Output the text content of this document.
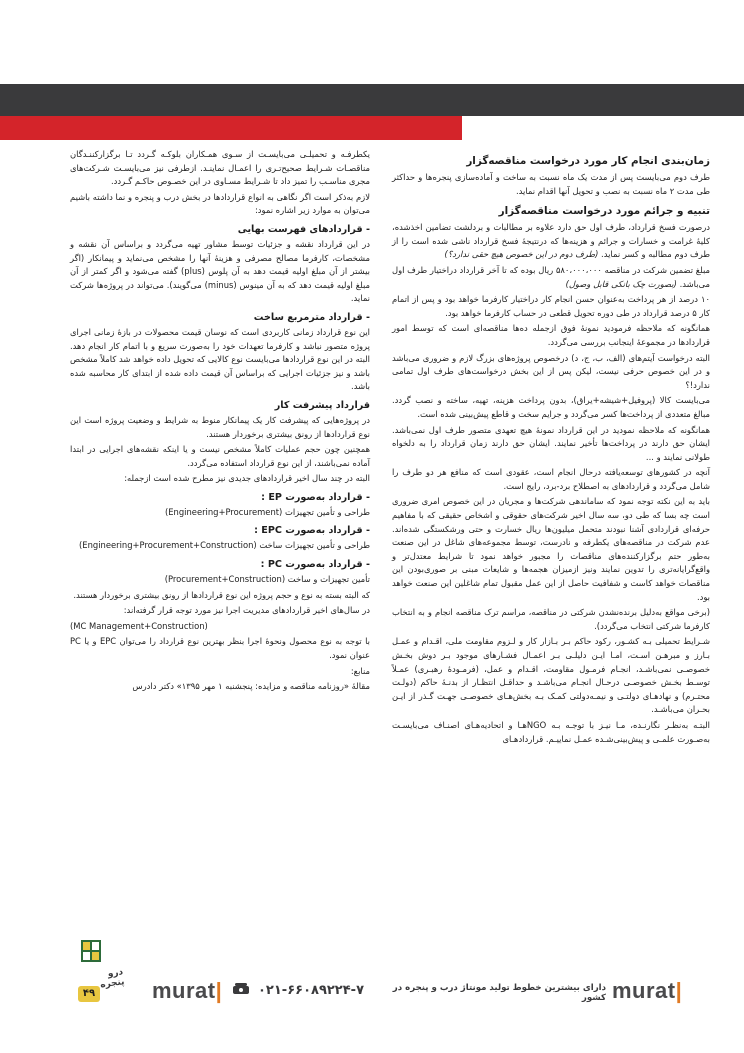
زمان‌بندی انجام کار مورد درخواست مناقصه‌گزار

طرف دوم می‌بایست پس از مدت یک ماه نسبت به ساخت و آماده‌سازی پنجره‌ها و حداکثر طی مدت ۲ ماه نسبت به نصب و تحویل آنها اقدام نماید.

تنبیه و جرائم مورد درخواست مناقصه‌گزار

درصورت فسخ قرارداد، طرف اول حق دارد علاوه بر مطالبات و بردلشت تضامین اخذشده، کلیهٔ غرامت و خسارات و جرائم و هزینه‌ها که درنتیجهٔ فسخ قرارداد ناشی شده است را از طرف دوم مطالبه و کسر نماید. (طرف دوم در این خصوص هیچ حقی ندارد؟)

مبلغ تضمین شرکت در مناقصه ۵۸۰،۰۰۰،۰۰۰ ریال بوده که تا آخر قرارداد دراختیار طرف اول می‌باشد. (بصورت چک بانکی قابل وصول)

۱۰ درصد از هر پرداخت به‌عنوان حسن انجام کار دراختیار کارفرما خواهد بود و پس از اتمام کار ۵ درصد قرارداد در طی دوره تحویل قطعی در حساب کارفرما خواهد بود.

همانگونه که ملاحظه فرمودید نمونهٔ فوق ازجمله ده‌ها مناقصه‌ای است که توسط امور قراردادها در مجموعهٔ اینجانب بررسی می‌گردد.

البته درخواست آیتم‌های (الف، ب، ج، د) درخصوص پروژه‌های بزرگ لازم و ضروری می‌باشد و در این خصوص حرفی نیست، لیکن پس از این بخش درخواست‌های طرف اول تمامی ندارد!؟

می‌بایست کالا (پروفیل+شیشه+یراق)، بدون پرداخت هزینه، تهیه، ساخته و نصب گردد. مبالغ متعددی از پرداخت‌ها کسر می‌گردد و جرایم سخت و قاطع پیش‌بینی شده است.

همانگونه که ملاحظه نمودید در این قرارداد نمونهٔ هیچ تعهدی متصور طرف اول نمی‌باشد. ایشان حق دارند در پرداخت‌ها تأخیر نمایند. ایشان حق دارند زمان قرارداد را به دلخواه طولانی نمایند و ...

آنچه در کشورهای توسعه‌یافته درحال انجام است، عقودی است که منافع هر دو طرف را شامل می‌گردد و قراردادهای به اصطلاح برد-برد، رایج است.

باید به این نکته توجه نمود که ساماندهی شرکت‌ها و مجریان در این خصوص امری ضروری است چه بسا که طی دو، سه سال اخیر شرکت‌های حقوقی و اشخاص حقیقی که با مفاهیم حرفه‌ای قراردادی آشنا نبودند متحمل میلیون‌ها ریال خسارت و حتی ورشکستگی شده‌اند. عدم شرکت در مناقصه‌های یکطرفه و نادرست، توسط مجموعه‌های شاغل در این صنعت به‌طور حتم برگزارکننده‌های مناقصات را مجبور خواهد نمود تا شرایط معتدل‌تر و واقع‌گرایانه‌تری را تدوین نمایند ونیز ازمیزان هجمه‌ها و شایعات مبنی بر صوری‌بودن این مناقصات خواهد کاست و شفافیت حاصل از این عمل مقبول تمام شاغلین این صنعت خواهد بود.

(برخی مواقع به‌دلیل برنده‌نشدن شرکتی در مناقصه، مراسم ترک مناقصه انجام و به انتخاب کارفرما شرکتی انتخاب می‌گردد).

شـرایط تحمیلی بـه کشـور، رکود حاکم بـر بـازار کار و لـزوم مقاومت ملی، اقـدام و عمـل بـارز و مبرهـن اسـت، امـا ایـن دلیلـی بـر اعمـال فشـارهای موجود بـر دوش بخـش خصوصـی نمی‌باشـد، انجـام فرمـول مقاومت، اقـدام و عمل، (فرمـودهٔ رهبـری) عمـلاً توسـط بخـش خصوصـی درحـال انجـام می‌باشـد و حداقـل انتظـار از بدنـهٔ حاکم (دولـت محتـرم) و نهادهـای دولتـی و نیمـه‌دولتی کمـک بـه بخش‌هـای خصوصـی جهـت گـذر از ایـن بحـران می‌باشـد.

البتـه به‌نظـر نگارنـده، مـا نیـز با توجـه بـه NGOهـا و اتحادیه‌هـای اصنـاف می‌بایسـت به‌صـورت علمـی و پیش‌بینی‌شـده عمـل نماییـم. قراردادهـای

یکطرفـه و تحمیلـی می‌بایسـت از سـوی همـکاران بلوکـه گـردد تـا برگزارکننـدگان مناقصـات شـرایط صحیح‌تـری را اعمـال نماینـد. ازطرفی نیز می‌بایسـت شـرکت‌های مجری مناسـب را تمیز داد تا شـرایط مسـاوی در این خصـوص حاکـم گـردد.

لازم به‌ذکر است اگر نگاهی به انواع قراردادها در بخش درب و پنجره و نما داشته باشیم می‌توان به موارد زیر اشاره نمود:

- قراردادهای فهرست بهایی

در این قرارداد نقشه و جزئیات توسط مشاور تهیه می‌گردد و براساس آن نقشه و مشخصات، کارفرما مصالح مصرفی و هزینهٔ آنها را مشخص می‌نماید و پیمانکار (اگر بیشتر از آن مبلغ اولیه قیمت دهد به آن پلوس (plus) گفته می‌شود و اگر کمتر از آن مبلغ اولیه قیمت دهد که به آن مینوس (minus) می‌گویند). می‌تواند در پروژه‌ها شرکت نماید.

- قرارداد مترمربع ساخت

این نوع قرارداد زمانی کاربردی است که نوسان قیمت محصولات در بازهٔ زمانی اجرای پروژه متصور نباشد و کارفرما تعهدات خود را به‌صورت سریع و با اتمام کار انجام دهد. البته در این نوع قراردادها می‌بایست نوع کالایی که تحویل داده خواهد شد کاملاً مشخص باشد و نیز جزئیات اجرایی که براساس آن قیمت داده شده از ابتدای کار محاسبه شده باشد.

قرارداد پیشرفت کار

در پروژه‌هایی که پیشرفت کار یک پیمانکار منوط به شرایط و وضعیت پروژه است این نوع قراردادها از رونق بیشتری برخوردار هستند.

همچنین چون حجم عملیات کاملاً مشخص نیست و یا اینکه نقشه‌های اجرایی در ابتدا آماده نمی‌باشند، از این نوع قرارداد استفاده می‌گردد.

البته در چند سال اخیر قراردادهای جدیدی نیز مطرح شده است ازجمله:

- قرارداد به‌صورت EP :

طراحی و تأمین تجهیزات (Engineering+Procurement)

- قرارداد به‌صورت EPC :

طراحی و تأمین تجهیزات ساخت (Engineering+Procurement+Construction)

- قرارداد به‌صورت PC :

تأمین تجهیزات و ساخت (Procurement+Construction)

که البته بسته به نوع و حجم پروژه این نوع قراردادها از رونق بیشتری برخوردار هستند.

در سال‌های اخیر قراردادهای مدیریت اجرا نیز مورد توجه قرار گرفته‌اند:

(MC Management+Construction)

با توجه به نوع محصول ونحوهٔ اجرا بنظر بهترین نوع قرارداد را می‌توان EPC و یا PC عنوان نمود.

منابع:

مقالهٔ «روزنامه مناقصه و مزایده: پنجشنبه ۱ مهر ۱۳۹۵» دکتر دادرس

درو پنجره
۴۹	murat|	۰۲۱-۶۶۰۸۹۲۲۴-۷	دارای بیشترین خطوط تولید مونتاژ درب و پنجره در کشور murat|
